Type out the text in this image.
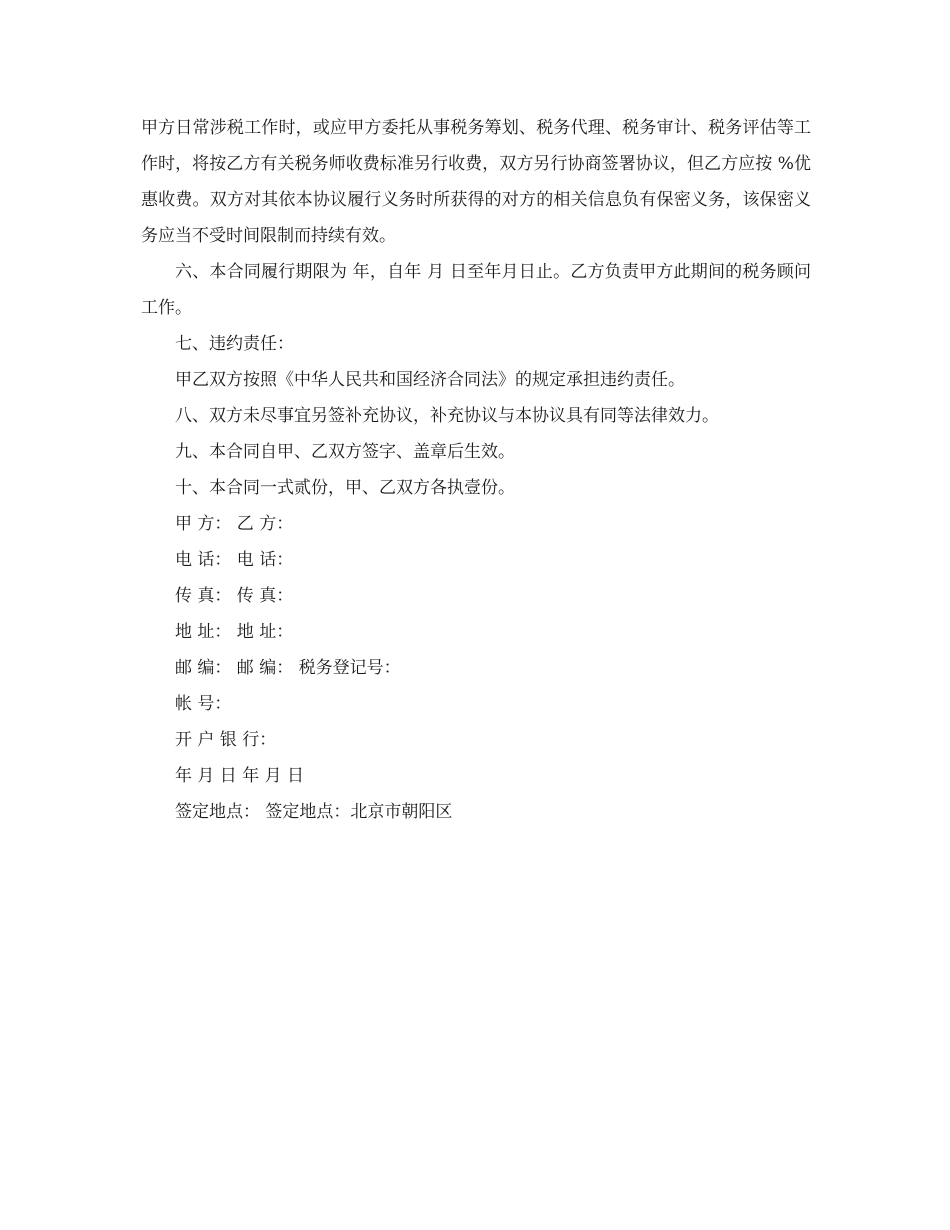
甲方日常涉税工作时，或应甲方委托从事税务筹划、税务代理、税务审计、税务评估等工作时，将按乙方有关税务师收费标准另行收费，双方另行协商签署协议，但乙方应按 %优惠收费。双方对其依本协议履行义务时所获得的对方的相关信息负有保密义务，该保密义务应当不受时间限制而持续有效。

六、本合同履行期限为 年，自年 月 日至年月日止。乙方负责甲方此期间的税务顾问工作。

七、违约责任：

甲乙双方按照《中华人民共和国经济合同法》的规定承担违约责任。

八、双方未尽事宜另签补充协议，补充协议与本协议具有同等法律效力。

九、本合同自甲、乙双方签字、盖章后生效。

十、本合同一式贰份，甲、乙双方各执壹份。

甲 方： 乙 方：
电 话： 电 话：
传 真： 传 真：
地 址： 地 址：
邮 编： 邮 编： 税务登记号：
帐 号：
开 户 银 行：
年 月 日 年 月 日
签定地点： 签定地点：北京市朝阳区
